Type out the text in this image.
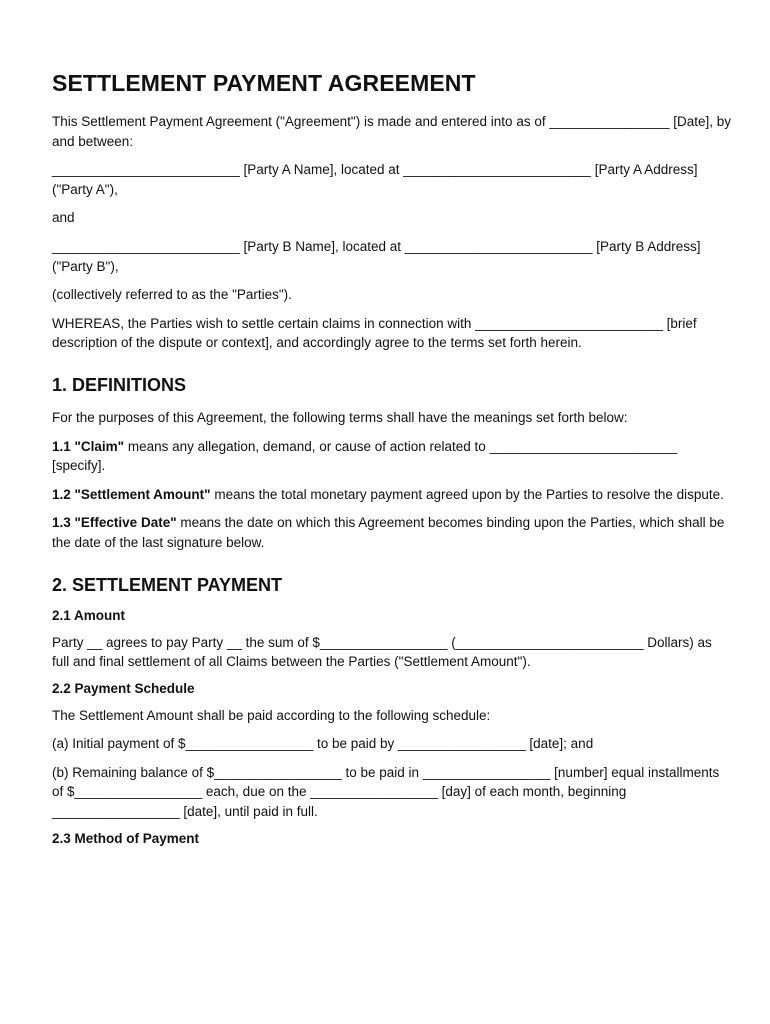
SETTLEMENT PAYMENT AGREEMENT

This Settlement Payment Agreement ("Agreement") is made and entered into as of ________________ [Date], by and between:

_________________________ [Party A Name], located at _________________________ [Party A Address] ("Party A"),

and

_________________________ [Party B Name], located at _________________________ [Party B Address] ("Party B"),

(collectively referred to as the "Parties").

WHEREAS, the Parties wish to settle certain claims in connection with _________________________ [brief description of the dispute or context], and accordingly agree to the terms set forth herein.

1. DEFINITIONS

For the purposes of this Agreement, the following terms shall have the meanings set forth below:

1.1 "Claim" means any allegation, demand, or cause of action related to _________________________ [specify].

1.2 "Settlement Amount" means the total monetary payment agreed upon by the Parties to resolve the dispute.

1.3 "Effective Date" means the date on which this Agreement becomes binding upon the Parties, which shall be the date of the last signature below.

2. SETTLEMENT PAYMENT
2.1 Amount

Party __ agrees to pay Party __ the sum of $_________________ (_________________________ Dollars) as full and final settlement of all Claims between the Parties ("Settlement Amount").

2.2 Payment Schedule

The Settlement Amount shall be paid according to the following schedule:

(a) Initial payment of $_________________ to be paid by _________________ [date]; and

(b) Remaining balance of $_________________ to be paid in _________________ [number] equal installments of $_________________ each, due on the _________________ [day] of each month, beginning _________________ [date], until paid in full.

2.3 Method of Payment
